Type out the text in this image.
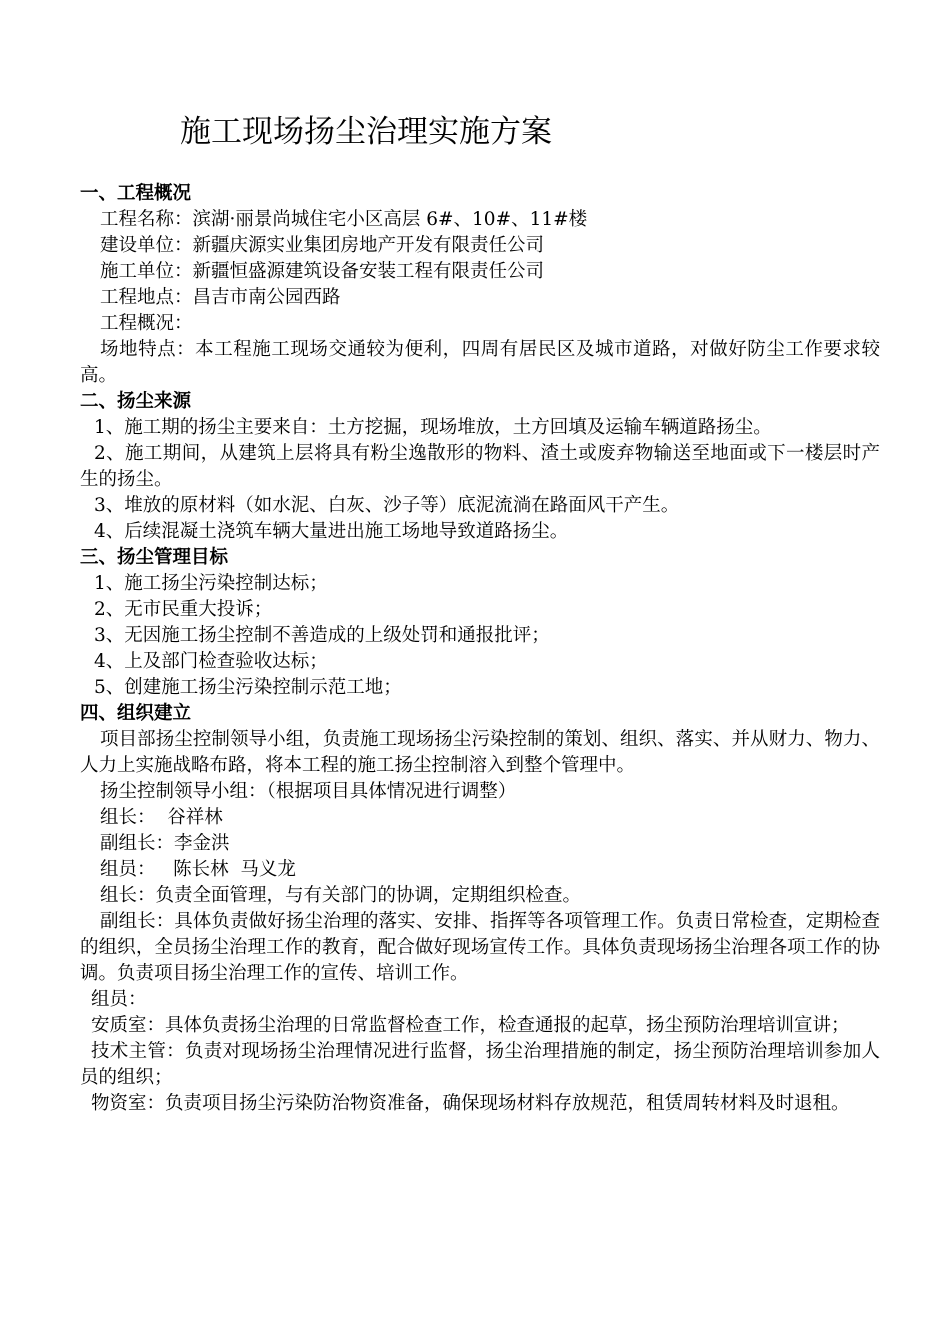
施工现场扬尘治理实施方案
一、工程概况
工程名称：滨湖·丽景尚城住宅小区高层 6#、10#、11#楼
建设单位：新疆庆源实业集团房地产开发有限责任公司
施工单位：新疆恒盛源建筑设备安装工程有限责任公司
工程地点：昌吉市南公园西路
工程概况：
场地特点：本工程施工现场交通较为便利，四周有居民区及城市道路，对做好防尘工作要求较高。
二、扬尘来源
1、施工期的扬尘主要来自：土方挖掘，现场堆放，土方回填及运输车辆道路扬尘。
2、施工期间，从建筑上层将具有粉尘逸散形的物料、渣土或废弃物输送至地面或下一楼层时产生的扬尘。
3、堆放的原材料（如水泥、白灰、沙子等）底泥流淌在路面风干产生。
4、后续混凝土浇筑车辆大量进出施工场地导致道路扬尘。
三、扬尘管理目标
1、施工扬尘污染控制达标；
2、无市民重大投诉；
3、无因施工扬尘控制不善造成的上级处罚和通报批评；
4、上及部门检查验收达标；
5、创建施工扬尘污染控制示范工地；
四、组织建立
项目部扬尘控制领导小组，负责施工现场扬尘污染控制的策划、组织、落实、并从财力、物力、人力上实施战略布路，将本工程的施工扬尘控制溶入到整个管理中。
扬尘控制领导小组：（根据项目具体情况进行调整）
组长：  谷祥林
副组长：李金洪
组员：   陈长林  马义龙
组长：负责全面管理，与有关部门的协调，定期组织检查。
副组长：具体负责做好扬尘治理的落实、安排、指挥等各项管理工作。负责日常检查，定期检查的组织，全员扬尘治理工作的教育，配合做好现场宣传工作。具体负责现场扬尘治理各项工作的协调。负责项目扬尘治理工作的宣传、培训工作。
组员：
安质室：具体负责扬尘治理的日常监督检查工作，检查通报的起草，扬尘预防治理培训宣讲；
技术主管：负责对现场扬尘治理情况进行监督，扬尘治理措施的制定，扬尘预防治理培训参加人员的组织；
物资室：负责项目扬尘污染防治物资准备，确保现场材料存放规范，租赁周转材料及时退租。
